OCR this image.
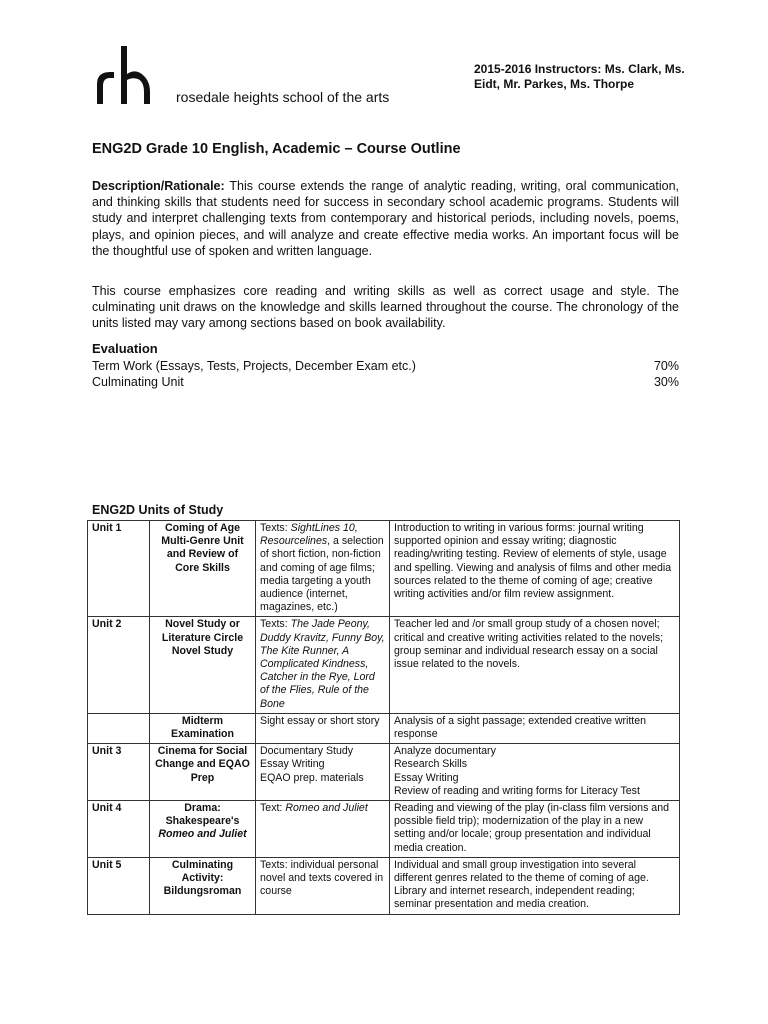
rosedale heights school of the arts
2015-2016 Instructors: Ms. Clark, Ms. Eidt, Mr. Parkes, Ms. Thorpe
ENG2D Grade 10 English, Academic – Course Outline

Description/Rationale: This course extends the range of analytic reading, writing, oral communication, and thinking skills that students need for success in secondary school academic programs. Students will study and interpret challenging texts from contemporary and historical periods, including novels, poems, plays, and opinion pieces, and will analyze and create effective media works. An important focus will be the thoughtful use of spoken and written language.

This course emphasizes core reading and writing skills as well as correct usage and style. The culminating unit draws on the knowledge and skills learned throughout the course. The chronology of the units listed may vary among sections based on book availability.

Evaluation
Term Work (Essays, Tests, Projects, December Exam etc.)	70%
Culminating Unit	30%
ENG2D Units of Study
Unit 1	Coming of Age Multi-Genre Unit and Review of Core Skills	Texts: SightLines 10, Resourcelines, a selection of short fiction, non-fiction and coming of age films; media targeting a youth audience (internet, magazines, etc.)	Introduction to writing in various forms: journal writing supported opinion and essay writing; diagnostic reading/writing testing. Review of elements of style, usage and spelling. Viewing and analysis of films and other media sources related to the theme of coming of age; creative writing activities and/or film review assignment.
Unit 2	Novel Study or Literature Circle Novel Study	Texts: The Jade Peony, Duddy Kravitz, Funny Boy, The Kite Runner, A Complicated Kindness, Catcher in the Rye, Lord of the Flies, Rule of the Bone	Teacher led and /or small group study of a chosen novel; critical and creative writing activities related to the novels; group seminar and individual research essay on a social issue related to the novels.
	Midterm Examination	Sight essay or short story	Analysis of a sight passage; extended creative written response
Unit 3	Cinema for Social Change and EQAO Prep	Documentary Study
Essay Writing
EQAO prep. materials	Analyze documentary
Research Skills
Essay Writing
Review of reading and writing forms for Literacy Test
Unit 4	Drama: Shakespeare's
Romeo and Juliet	Text: Romeo and Juliet	Reading and viewing of the play (in-class film versions and possible field trip); modernization of the play in a new setting and/or locale; group presentation and individual media creation.
Unit 5	Culminating Activity: Bildungsroman	Texts: individual personal novel and texts covered in course	Individual and small group investigation into several different genres related to the theme of coming of age. Library and internet research, independent reading; seminar presentation and media creation.
